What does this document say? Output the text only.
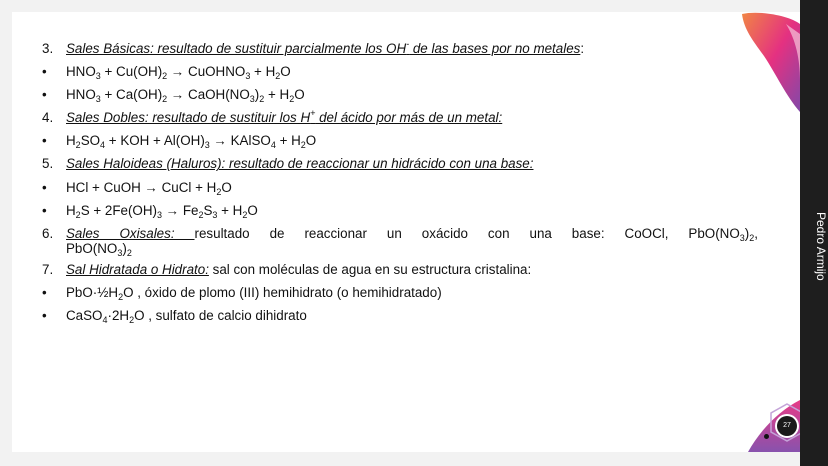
3. Sales Básicas: resultado de sustituir parcialmente los OH- de las bases por no metales:
•	$HNO_3 + Cu(OH)_2$ → CuOHNO$_3$ + $H_2O$
•	$HNO_3 + Ca(OH)_2$ → $CaOH(NO_3)_2 + H_2O$
4. Sales Dobles: resultado de sustituir los H+ del ácido por más de un metal:
•	$H_2SO_4$ + KOH + $Al(OH)_3$ → KAlSO$_4$ + $H_2O$
5. Sales Haloideas (Haluros): resultado de reaccionar un hidrácido con una base:
•	HCl + CuOH → CuCl + $H_2O$
•	$H_2S + 2Fe(OH)_3 \to Fe_2S_3 + H_2O$
6. Sales Oxisales: resultado de reaccionar un oxácido con una base: CoOCl, $PbO(NO_3)_2$,
$PbO(NO_3)_2$
7. Sal Hidratada o Hidrato: sal con moléculas de agua en su estructura cristalina:
•	$PbO\cdot\frac{1}{2}H_2O$ , óxido de plomo (III) hemihidrato (o hemihidratado)
•	$CaSO_4\cdot 2H_2O$ , sulfato de calcio dihidrato
Pedro Armijo
27
